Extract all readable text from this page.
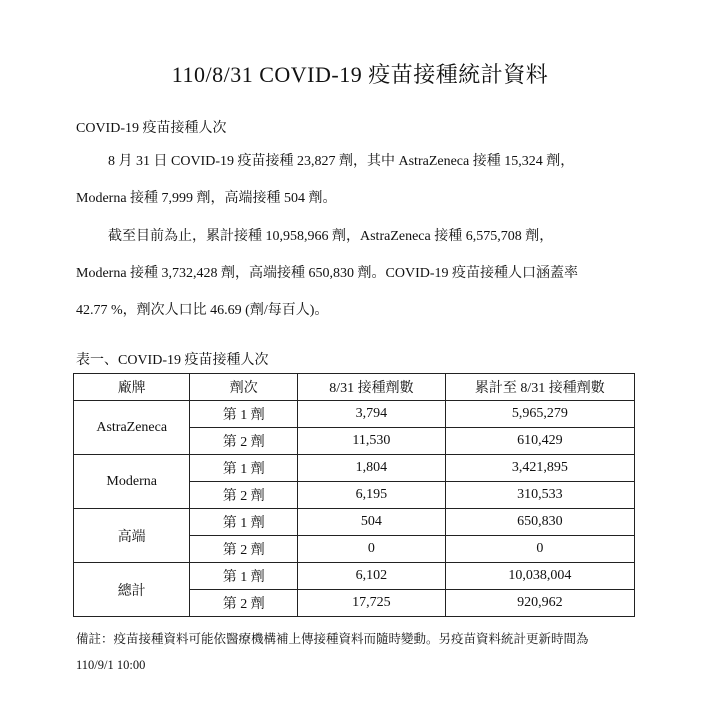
110/8/31 COVID-19 疫苗接種統計資料
COVID-19 疫苗接種人次
8 月 31 日 COVID-19 疫苗接種 23,827 劑，其中 AstraZeneca 接種 15,324 劑，
Moderna 接種 7,999 劑，高端接種 504 劑。
截至目前為止，累計接種 10,958,966 劑，AstraZeneca 接種 6,575,708 劑，
Moderna 接種 3,732,428 劑，高端接種 650,830 劑。COVID-19 疫苗接種人口涵蓋率
42.77 %，劑次人口比 46.69 (劑/每百人)。
表一、COVID-19 疫苗接種人次
廠牌	劑次	8/31 接種劑數	累計至 8/31 接種劑數
AstraZeneca	第 1 劑	3,794	5,965,279
	第 2 劑	11,530	610,429
Moderna	第 1 劑	1,804	3,421,895
	第 2 劑	6,195	310,533
高端	第 1 劑	504	650,830
	第 2 劑	0	0
總計	第 1 劑	6,102	10,038,004
	第 2 劑	17,725	920,962
備註：疫苗接種資料可能依醫療機構補上傳接種資料而隨時變動。另疫苗資料統計更新時間為
110/9/1 10:00
